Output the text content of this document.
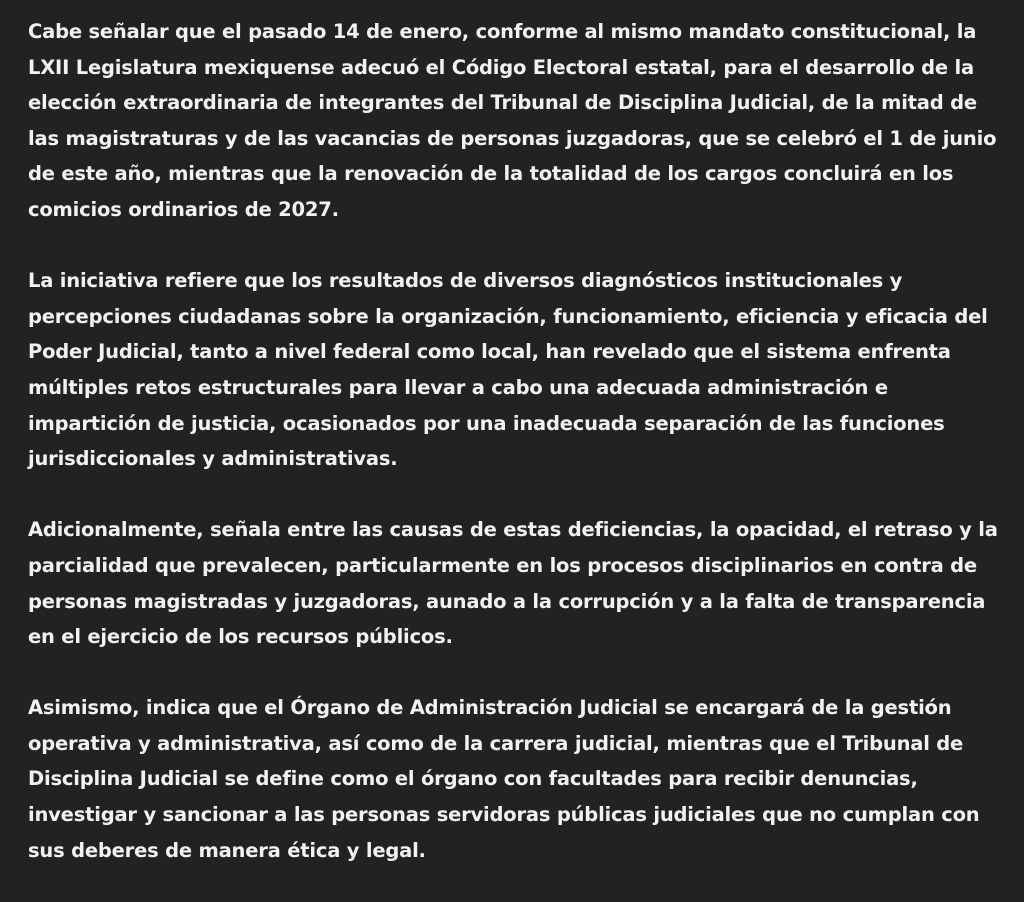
Cabe señalar que el pasado 14 de enero, conforme al mismo mandato constitucional, la LXII Legislatura mexiquense adecuó el Código Electoral estatal, para el desarrollo de la elección extraordinaria de integrantes del Tribunal de Disciplina Judicial, de la mitad de las magistraturas y de las vacancias de personas juzgadoras, que se celebró el 1 de junio de este año, mientras que la renovación de la totalidad de los cargos concluirá en los comicios ordinarios de 2027.

La iniciativa refiere que los resultados de diversos diagnósticos institucionales y percepciones ciudadanas sobre la organización, funcionamiento, eficiencia y eficacia del Poder Judicial, tanto a nivel federal como local, han revelado que el sistema enfrenta múltiples retos estructurales para llevar a cabo una adecuada administración e impartición de justicia, ocasionados por una inadecuada separación de las funciones jurisdiccionales y administrativas.

Adicionalmente, señala entre las causas de estas deficiencias, la opacidad, el retraso y la parcialidad que prevalecen, particularmente en los procesos disciplinarios en contra de personas magistradas y juzgadoras, aunado a la corrupción y a la falta de transparencia en el ejercicio de los recursos públicos.

Asimismo, indica que el Órgano de Administración Judicial se encargará de la gestión operativa y administrativa, así como de la carrera judicial, mientras que el Tribunal de Disciplina Judicial se define como el órgano con facultades para recibir denuncias, investigar y sancionar a las personas servidoras públicas judiciales que no cumplan con sus deberes de manera ética y legal.
